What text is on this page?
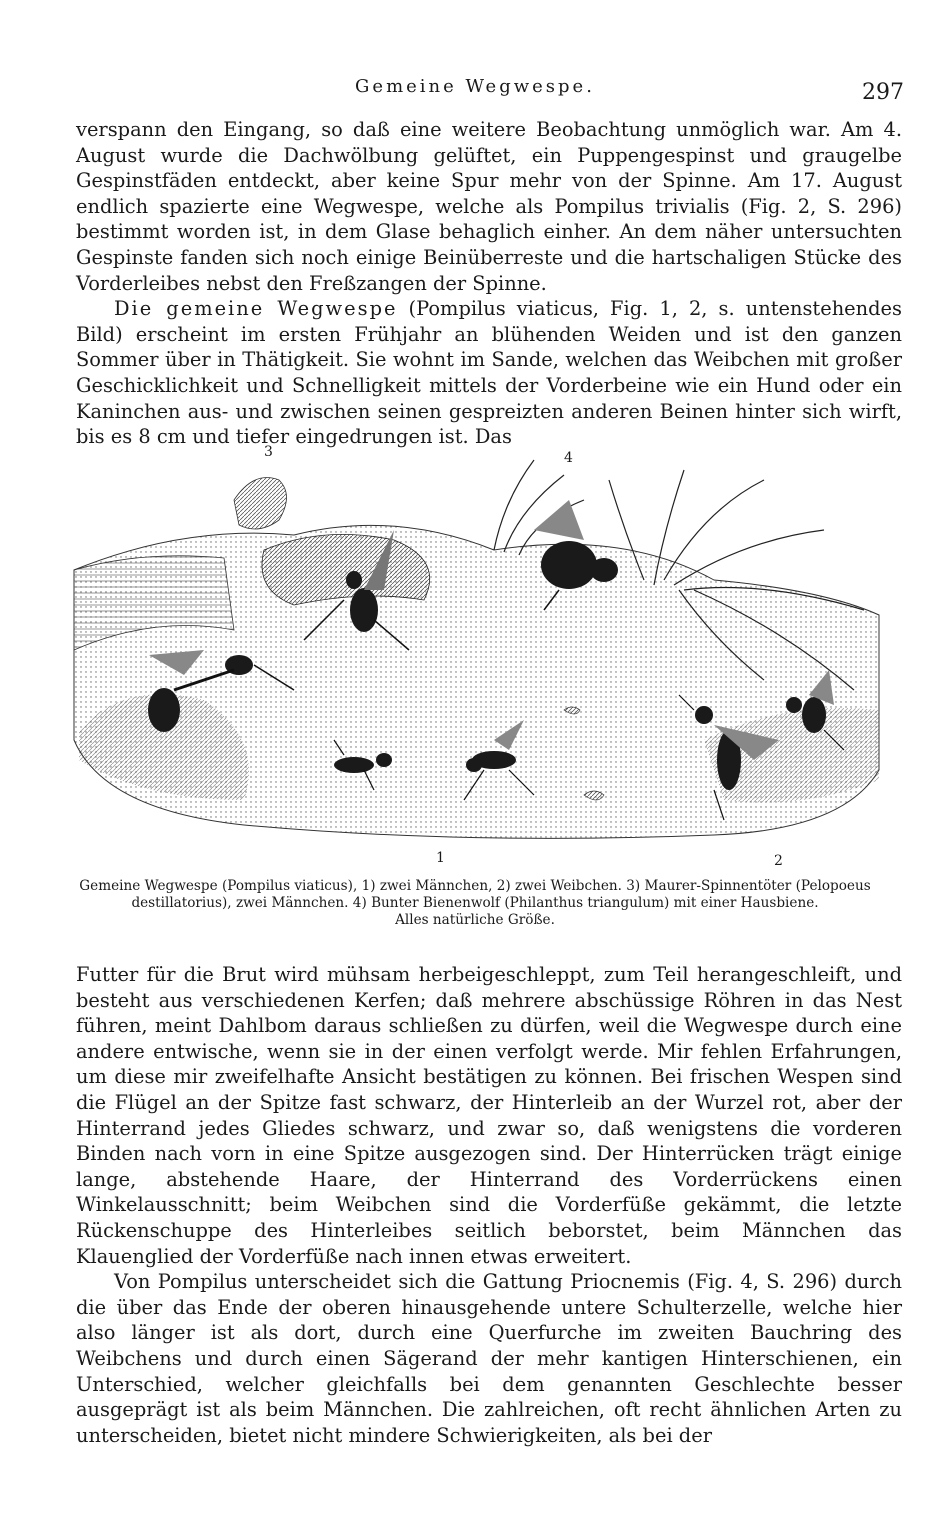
Gemeine Wegwespe.	297

verspann den Eingang, so daß eine weitere Beobachtung unmöglich war. Am 4. August wurde die Dachwölbung gelüftet, ein Puppengespinst und graugelbe Gespinstfäden entdeckt, aber keine Spur mehr von der Spinne. Am 17. August endlich spazierte eine Wegwespe, welche als Pompilus trivialis (Fig. 2, S. 296) bestimmt worden ist, in dem Glase behaglich einher. An dem näher untersuchten Gespinste fanden sich noch einige Beinüberreste und die hartschaligen Stücke des Vorderleibes nebst den Freßzangen der Spinne.

Die gemeine Wegwespe (Pompilus viaticus, Fig. 1, 2, s. untenstehendes Bild) erscheint im ersten Frühjahr an blühenden Weiden und ist den ganzen Sommer über in Thätigkeit. Sie wohnt im Sande, welchen das Weibchen mit großer Geschicklichkeit und Schnelligkeit mittels der Vorderbeine wie ein Hund oder ein Kaninchen aus- und zwischen seinen gespreizten anderen Beinen hinter sich wirft, bis es 8 cm und tiefer eingedrungen ist. Das

3	4
1	2
Gemeine Wegwespe (Pompilus viaticus), 1) zwei Männchen, 2) zwei Weibchen. 3) Maurer-Spinnentöter (Pelopoeus destillatorius), zwei Männchen. 4) Bunter Bienenwolf (Philanthus triangulum) mit einer Hausbiene.
Alles natürliche Größe.

Futter für die Brut wird mühsam herbeigeschleppt, zum Teil herangeschleift, und besteht aus verschiedenen Kerfen; daß mehrere abschüssige Röhren in das Nest führen, meint Dahlbom daraus schließen zu dürfen, weil die Wegwespe durch eine andere entwische, wenn sie in der einen verfolgt werde. Mir fehlen Erfahrungen, um diese mir zweifelhafte Ansicht bestätigen zu können. Bei frischen Wespen sind die Flügel an der Spitze fast schwarz, der Hinterleib an der Wurzel rot, aber der Hinterrand jedes Gliedes schwarz, und zwar so, daß wenigstens die vorderen Binden nach vorn in eine Spitze ausgezogen sind. Der Hinterrücken trägt einige lange, abstehende Haare, der Hinterrand des Vorderrückens einen Winkelausschnitt; beim Weibchen sind die Vorderfüße gekämmt, die letzte Rückenschuppe des Hinterleibes seitlich beborstet, beim Männchen das Klauenglied der Vorderfüße nach innen etwas erweitert.

Von Pompilus unterscheidet sich die Gattung Priocnemis (Fig. 4, S. 296) durch die über das Ende der oberen hinausgehende untere Schulterzelle, welche hier also länger ist als dort, durch eine Querfurche im zweiten Bauchring des Weibchens und durch einen Sägerand der mehr kantigen Hinterschienen, ein Unterschied, welcher gleichfalls bei dem genannten Geschlechte besser ausgeprägt ist als beim Männchen. Die zahlreichen, oft recht ähnlichen Arten zu unterscheiden, bietet nicht mindere Schwierigkeiten, als bei der
